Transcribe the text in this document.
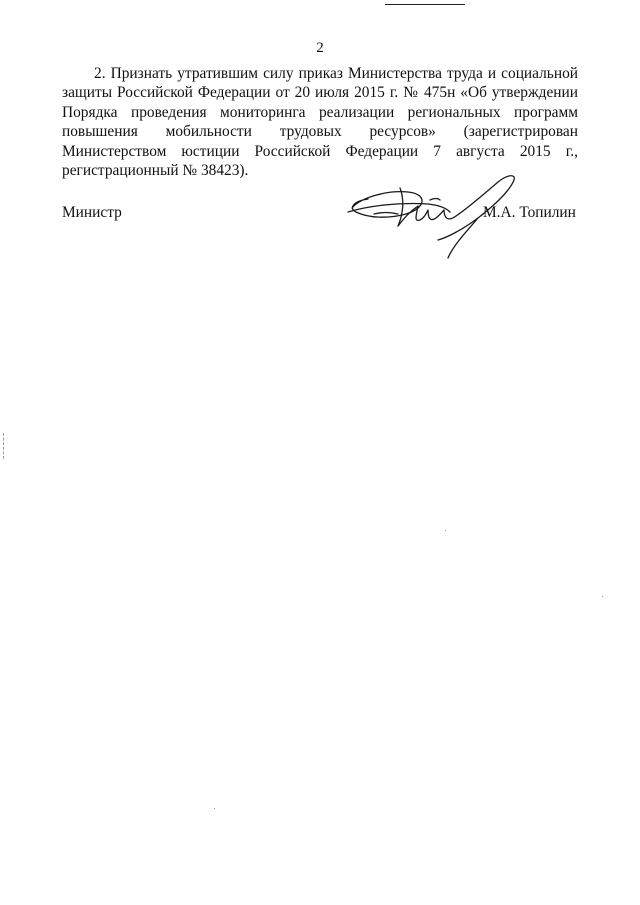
2

2. Признать утратившим силу приказ Министерства труда и социальной защиты Российской Федерации от 20 июля 2015 г. № 475н «Об утверждении Порядка проведения мониторинга реализации региональных программ повышения мобильности трудовых ресурсов» (зарегистрирован Министерством юстиции Российской Федерации 7 августа 2015 г., регистрационный № 38423).

Министр	М.А. Топилин
